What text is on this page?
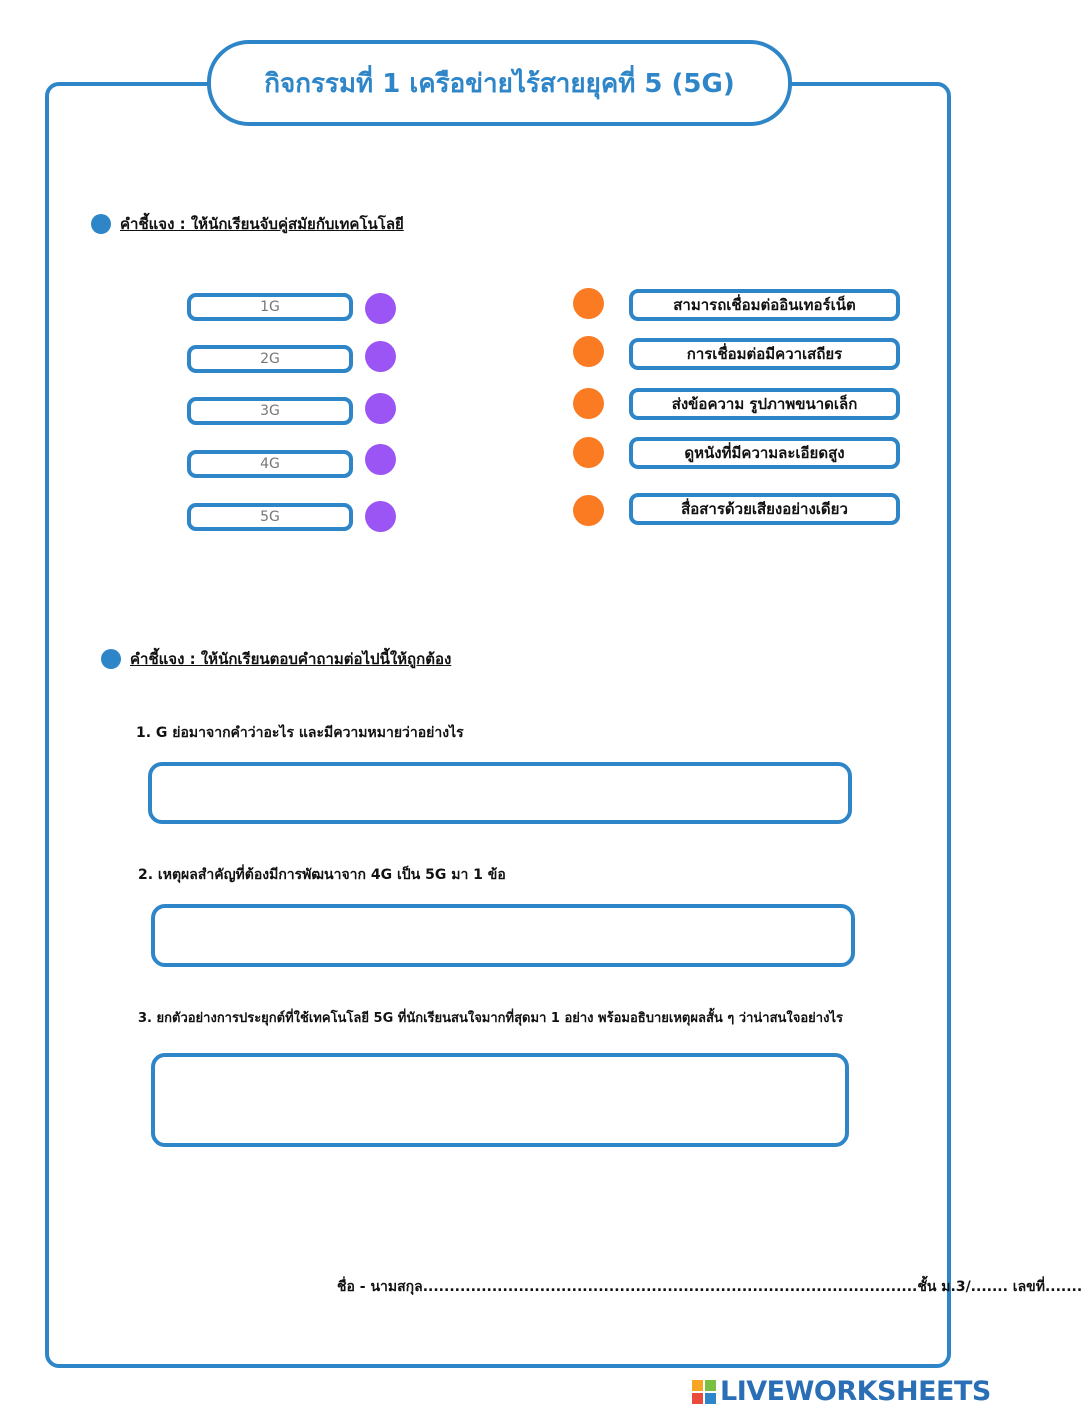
กิจกรรมที่ 1 เครือข่ายไร้สายยุคที่ 5 (5G)
คำชี้แจง : ให้นักเรียนจับคู่สมัยกับเทคโนโลยี
1G
2G
3G
4G
5G
สามารถเชื่อมต่ออินเทอร์เน็ต
การเชื่อมต่อมีควาเสถียร
ส่งข้อความ รูปภาพขนาดเล็ก
ดูหนังที่มีความละเอียดสูง
สื่อสารด้วยเสียงอย่างเดียว
คำชี้แจง : ให้นักเรียนตอบคำถามต่อไปนี้ให้ถูกต้อง
1. G ย่อมาจากคำว่าอะไร และมีความหมายว่าอย่างไร
2. เหตุผลสำคัญที่ต้องมีการพัฒนาจาก 4G เป็น 5G มา 1 ข้อ
3. ยกตัวอย่างการประยุกต์ที่ใช้เทคโนโลยี 5G ที่นักเรียนสนใจมากที่สุดมา 1 อย่าง พร้อมอธิบายเหตุผลสั้น ๆ ว่าน่าสนใจอย่างไร
ชื่อ - นามสกุล.............................................................................................ชั้น ม.3/....... เลขที่.......
LIVEWORKSHEETS
